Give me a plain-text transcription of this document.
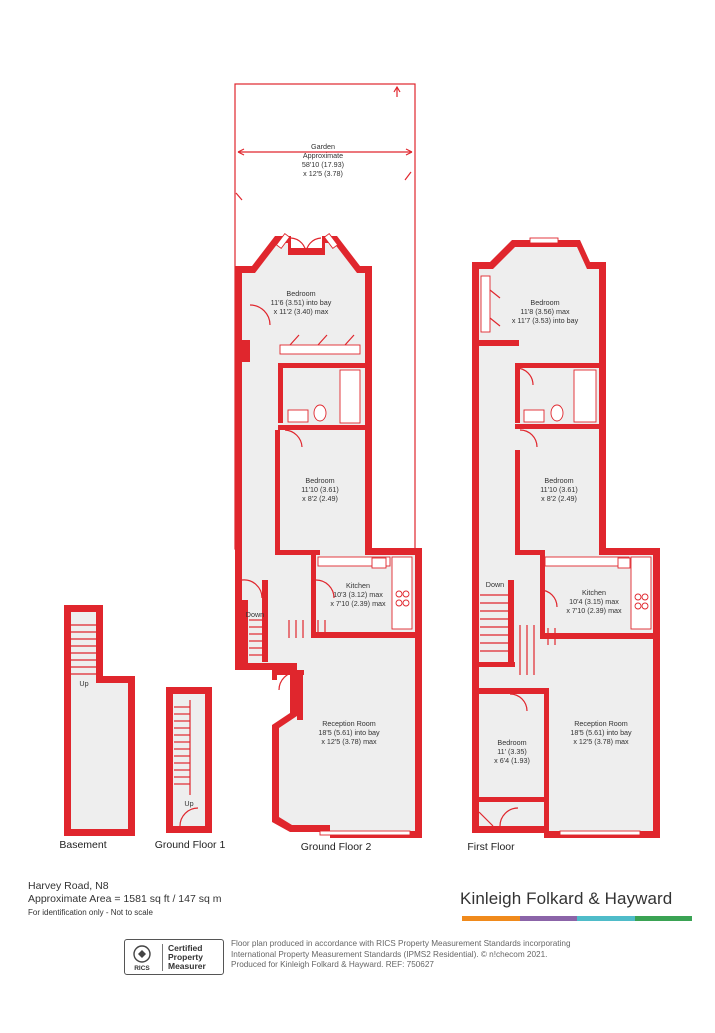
Up
Basement
Up
Ground Floor 1
Garden
Approximate
58'10 (17.93)
x 12'5 (3.78)
Bedroom
11'6 (3.51) into bay
x 11'2 (3.40) max
Bedroom
11'10 (3.61)
x 8'2 (2.49)
Kitchen
10'3 (3.12) max
x 7'10 (2.39) max
Down
Reception Room
18'5 (5.61) into bay
x 12'5 (3.78) max
Ground Floor 2
Bedroom
11'8 (3.56) max
x 11'7 (3.53) into bay
Bedroom
11'10 (3.61)
x 8'2 (2.49)
Kitchen
10'4 (3.15) max
x 7'10 (2.39) max
Down
Reception Room
18'5 (5.61) into bay
x 12'5 (3.78) max
Bedroom
11' (3.35)
x 6'4 (1.93)
First Floor
Harvey Road, N8
Approximate Area = 1581 sq ft / 147 sq m
For identification only - Not to scale
Kinleigh Folkard & Hayward
RICS
Certified
Property
Measurer
Floor plan produced in accordance with RICS Property Measurement Standards incorporating
International Property Measurement Standards (IPMS2 Residential). © n!checom 2021.
Produced for Kinleigh Folkard & Hayward. REF: 750627
